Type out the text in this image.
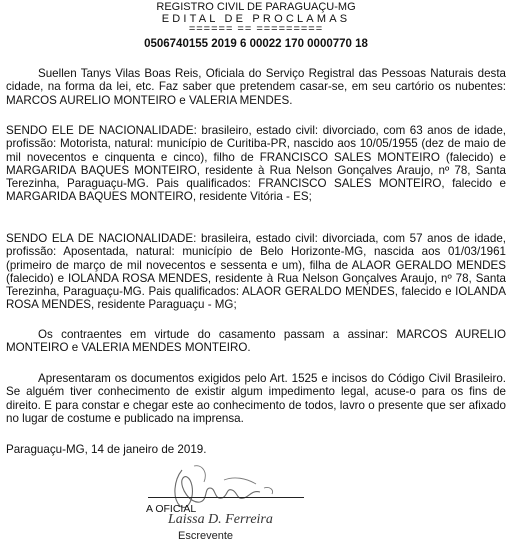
REGISTRO CIVIL DE PARAGUAÇU-MG
EDITAL DE PROCLAMAS
====== == =========
0506740155 2019 6 00022 170 0000770 18
Suellen Tanys Vilas Boas Reis, Oficiala do Serviço Registral das Pessoas Naturais desta cidade, na forma da lei, etc. Faz saber que pretendem casar-se, em seu cartório os nubentes: MARCOS AURELIO MONTEIRO e VALERIA MENDES.
SENDO ELE DE NACIONALIDADE: brasileiro, estado civil: divorciado, com 63 anos de idade, profissão: Motorista, natural: município de Curitiba-PR, nascido aos 10/05/1955 (dez de maio de mil novecentos e cinquenta e cinco), filho de FRANCISCO SALES MONTEIRO (falecido) e MARGARIDA BAQUES MONTEIRO, residente à Rua Nelson Gonçalves Araujo, nº 78, Santa Terezinha, Paraguaçu-MG. Pais qualificados: FRANCISCO SALES MONTEIRO, falecido e MARGARIDA BAQUES MONTEIRO, residente Vitória - ES;
SENDO ELA DE NACIONALIDADE: brasileira, estado civil: divorciada, com 57 anos de idade, profissão: Aposentada, natural: município de Belo Horizonte-MG, nascida aos 01/03/1961 (primeiro de março de mil novecentos e sessenta e um), filha de ALAOR GERALDO MENDES (falecido) e IOLANDA ROSA MENDES, residente à Rua Nelson Gonçalves Araujo, nº 78, Santa Terezinha, Paraguaçu-MG. Pais qualificados: ALAOR GERALDO MENDES, falecido e IOLANDA ROSA MENDES, residente Paraguaçu - MG;
Os contraentes em virtude do casamento passam a assinar: MARCOS AURELIO MONTEIRO e VALERIA MENDES MONTEIRO.
Apresentaram os documentos exigidos pelo Art. 1525 e incisos do Código Civil Brasileiro. Se alguém tiver conhecimento de existir algum impedimento legal, acuse-o para os fins de direito. E para constar e chegar este ao conhecimento de todos, lavro o presente que ser afixado no lugar de costume e publicado na imprensa.
Paraguaçu-MG, 14 de janeiro de 2019.
A OFICIAL
Laissa D. Ferreira
Escrevente
